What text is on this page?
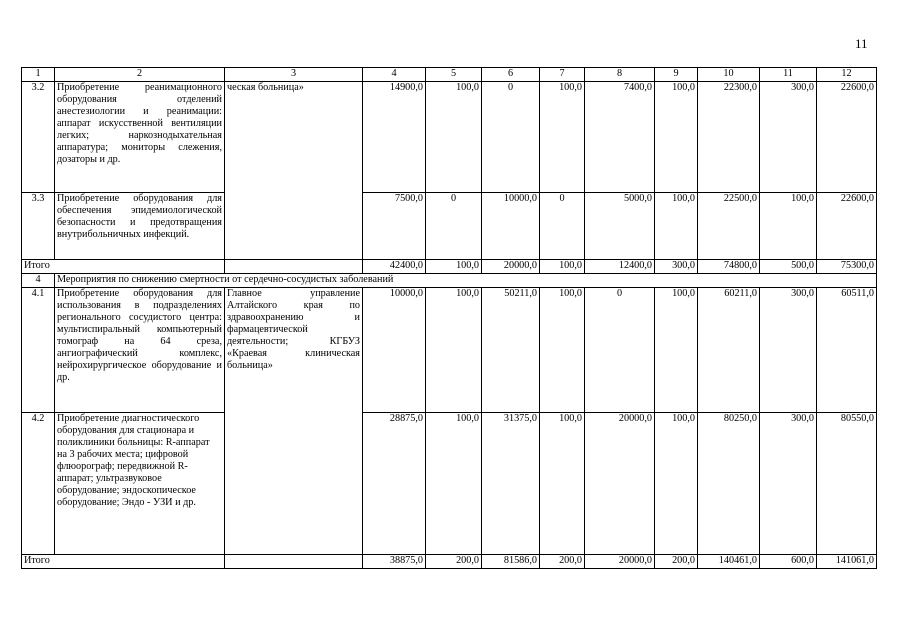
11
1	2	3	4	5	6	7	8	9	10	11	12
3.2	Приобретение реанимационного оборудования отделений анестезиологии и реанимации: аппарат искусственной вентиляции легких; наркознодыхательная аппаратура; мониторы слежения, дозаторы и др.	ческая больница»	14900,0	100,0	0	100,0	7400,0	100,0	22300,0	300,0	22600,0
3.3	Приобретение оборудования для обеспечения эпидемиологической безопасности и предотвращения внутрибольничных инфекций.		7500,0	0	10000,0	0	5000,0	100,0	22500,0	100,0	22600,0
Итого			42400,0	100,0	20000,0	100,0	12400,0	300,0	74800,0	500,0	75300,0
4	Мероприятия по снижению смертности от сердечно-сосудистых заболеваний										
4.1	Приобретение оборудования для использования в подразделениях регионального сосудистого центра: мультиспиральный компьютерный томограф на 64 среза, ангиографический комплекс, нейрохирургическое оборудование и др.	Главное управление Алтайского края по здравоохранению и фармацевтической деятельности; КГБУЗ «Краевая клиническая больница»	10000,0	100,0	50211,0	100,0	0	100,0	60211,0	300,0	60511,0
4.2	Приобретение диагностического оборудования для стационара и поликлиники больницы: R-аппарат на 3 рабочих места; цифровой флюорограф; передвижной R-аппарат; ультразвуковое оборудование; эндоскопическое оборудование; Эндо - УЗИ и др.		28875,0	100,0	31375,0	100,0	20000,0	100,0	80250,0	300,0	80550,0
Итого			38875,0	200,0	81586,0	200,0	20000,0	200,0	140461,0	600,0	141061,0
